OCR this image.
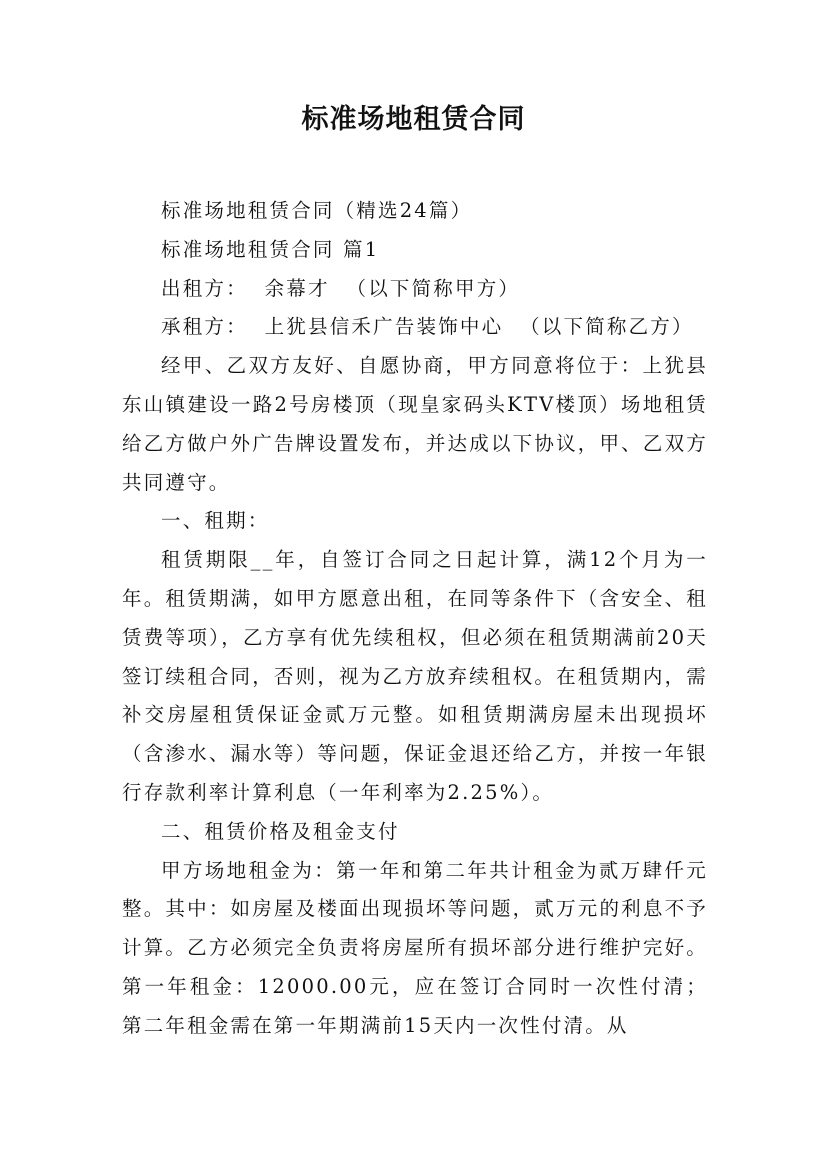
标准场地租赁合同

标准场地租赁合同（精选24篇）

标准场地租赁合同 篇1

出租方：  余幕才  （以下简称甲方）

承租方：  上犹县信禾广告装饰中心  （以下简称乙方）

经甲、乙双方友好、自愿协商，甲方同意将位于：上犹县东山镇建设一路2号房楼顶（现皇家码头KTV楼顶）场地租赁给乙方做户外广告牌设置发布，并达成以下协议，甲、乙双方共同遵守。

一、租期：

租赁期限__年，自签订合同之日起计算，满12个月为一年。租赁期满，如甲方愿意出租，在同等条件下（含安全、租赁费等项），乙方享有优先续租权，但必须在租赁期满前20天签订续租合同，否则，视为乙方放弃续租权。在租赁期内，需补交房屋租赁保证金贰万元整。如租赁期满房屋未出现损坏（含渗水、漏水等）等问题，保证金退还给乙方，并按一年银行存款利率计算利息（一年利率为2.25%）。

二、租赁价格及租金支付

甲方场地租金为：第一年和第二年共计租金为贰万肆仟元整。其中：如房屋及楼面出现损坏等问题，贰万元的利息不予计算。乙方必须完全负责将房屋所有损坏部分进行维护完好。第一年租金：12000.00元，应在签订合同时一次性付清；第二年租金需在第一年期满前15天内一次性付清。从
